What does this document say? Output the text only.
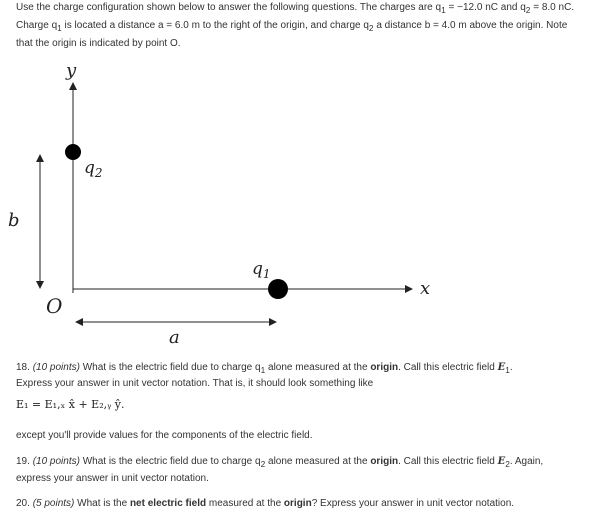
Use the charge configuration shown below to answer the following questions. The charges are $q_1 = -12.0$ nC and $q_2 = 8.0$ nC. Charge $q_1$ is located a distance a = 6.0 m to the right of the origin, and charge $q_2$ a distance b = 4.0 m above the origin. Note that the origin is indicated by point O.

y
x
$q_2$
$q_1$
b
a
O

18. (10 points) What is the electric field due to charge $q_1$ alone measured at the origin. Call this electric field $E_1$.

Express your answer in unit vector notation. That is, it should look something like

E₁ = E₁,ₓ x̂ + E₂,ᵧ ŷ.

except you'll provide values for the components of the electric field.

19. (10 points) What is the electric field due to charge $q_2$ alone measured at the origin. Call this electric field $E_2$. Again,

express your answer in unit vector notation.

20. (5 points) What is the net electric field measured at the origin? Express your answer in unit vector notation.
